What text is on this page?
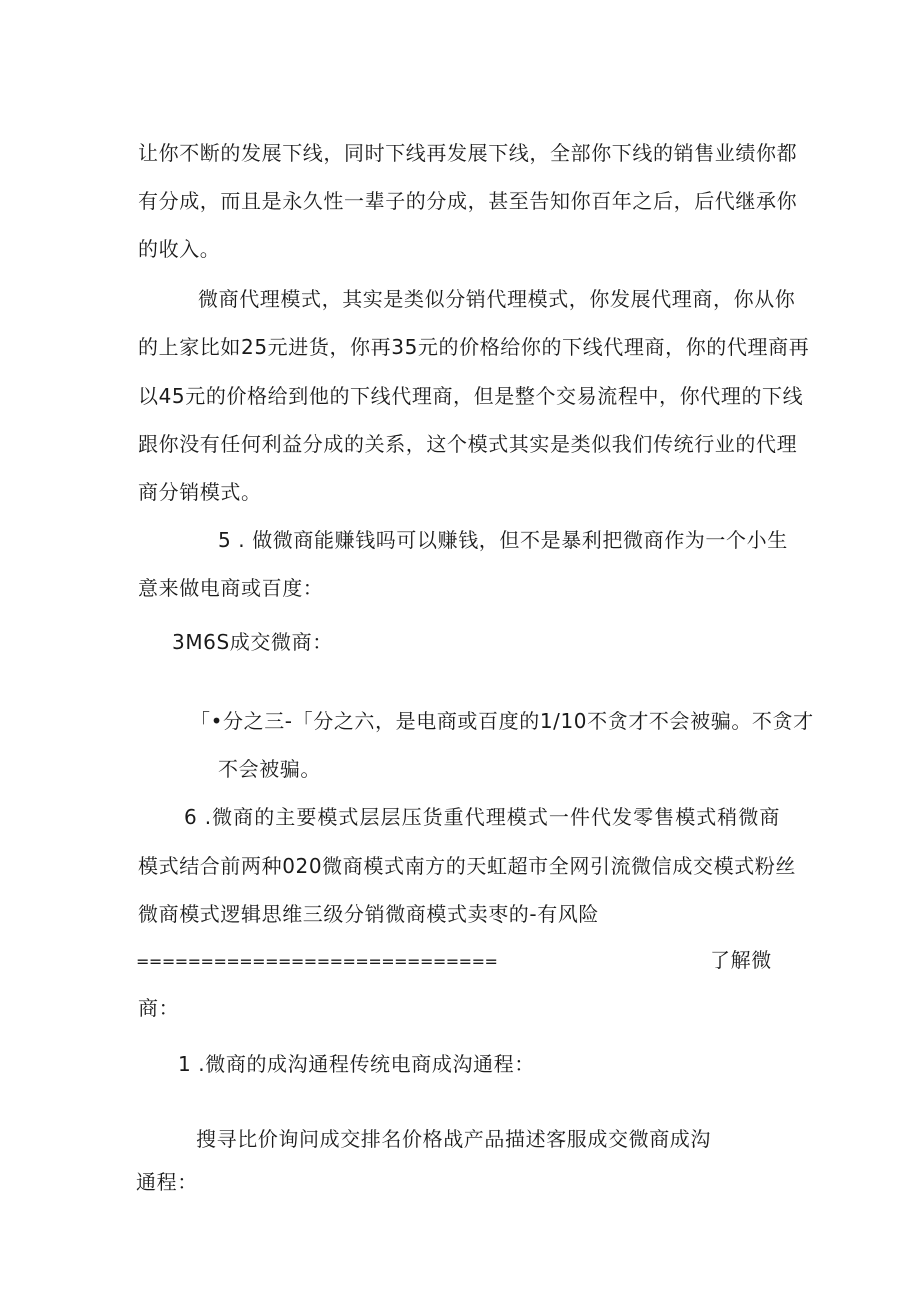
让你不断的发展下线，同时下线再发展下线，全部你下线的销售业绩你都
有分成，而且是永久性一辈子的分成，甚至告知你百年之后，后代继承你
的收入。
微商代理模式，其实是类似分销代理模式，你发展代理商，你从你
的上家比如25元进货，你再35元的价格给你的下线代理商，你的代理商再
以45元的价格给到他的下线代理商，但是整个交易流程中，你代理的下线
跟你没有任何利益分成的关系，这个模式其实是类似我们传统行业的代理
商分销模式。
5 . 做微商能赚钱吗可以赚钱，但不是暴利把微商作为一个小生
意来做电商或百度：
3M6S成交微商：
「•分之三-「分之六，是电商或百度的1/10不贪才不会被骗。不贪才
不会被骗。
6 .微商的主要模式层层压货重代理模式一件代发零售模式稍微商
模式结合前两种020微商模式南方的天虹超市全网引流微信成交模式粉丝
微商模式逻辑思维三级分销微商模式卖枣的-有风险
============================	了解微
商：
1 .微商的成沟通程传统电商成沟通程：
搜寻比价询问成交排名价格战产品描述客服成交微商成沟
通程：
